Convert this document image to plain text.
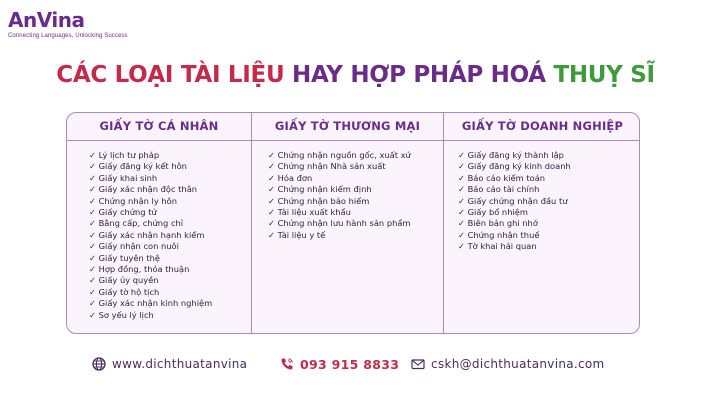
AnVina
Connecting Languages, Unlocking Success
CÁC LOẠI TÀI LIỆU HAY HỢP PHÁP HOÁ THUỴ SĨ
GIẤY TỜ CÁ NHÂN
✓ Lý lịch tư pháp
✓ Giấy đăng ký kết hôn
✓ Giấy khai sinh
✓ Giấy xác nhận độc thân
✓ Chứng nhận ly hôn
✓ Giấy chứng tử
✓ Bằng cấp, chứng chỉ
✓ Giấy xác nhận hạnh kiểm
✓ Giấy nhận con nuôi
✓ Giấy tuyên thệ
✓ Hợp đồng, thỏa thuận
✓ Giấy ủy quyền
✓ Giấy tờ hộ tịch
✓ Giấy xác nhận kinh nghiệm
✓ Sơ yếu lý lịch
GIẤY TỜ THƯƠNG MẠI
✓ Chứng nhận nguồn gốc, xuất xứ
✓ Chứng nhận Nhà sản xuất
✓ Hóa đơn
✓ Chứng nhận kiểm định
✓ Chứng nhận bảo hiểm
✓ Tài liệu xuất khẩu
✓ Chứng nhận lưu hành sản phẩm
✓ Tài liệu y tế
GIẤY TỜ DOANH NGHIỆP
✓ Giấy đăng ký thành lập
✓ Giấy đăng ký kinh doanh
✓ Báo cáo kiểm toán
✓ Báo cáo tài chính
✓ Giấy chứng nhận đầu tư
✓ Giấy bổ nhiệm
✓ Biên bản ghi nhớ
✓ Chứng nhận thuế
✓ Tờ khai hải quan
www.dichthuatanvina	093 915 8833	cskh@dichthuatanvina.com
